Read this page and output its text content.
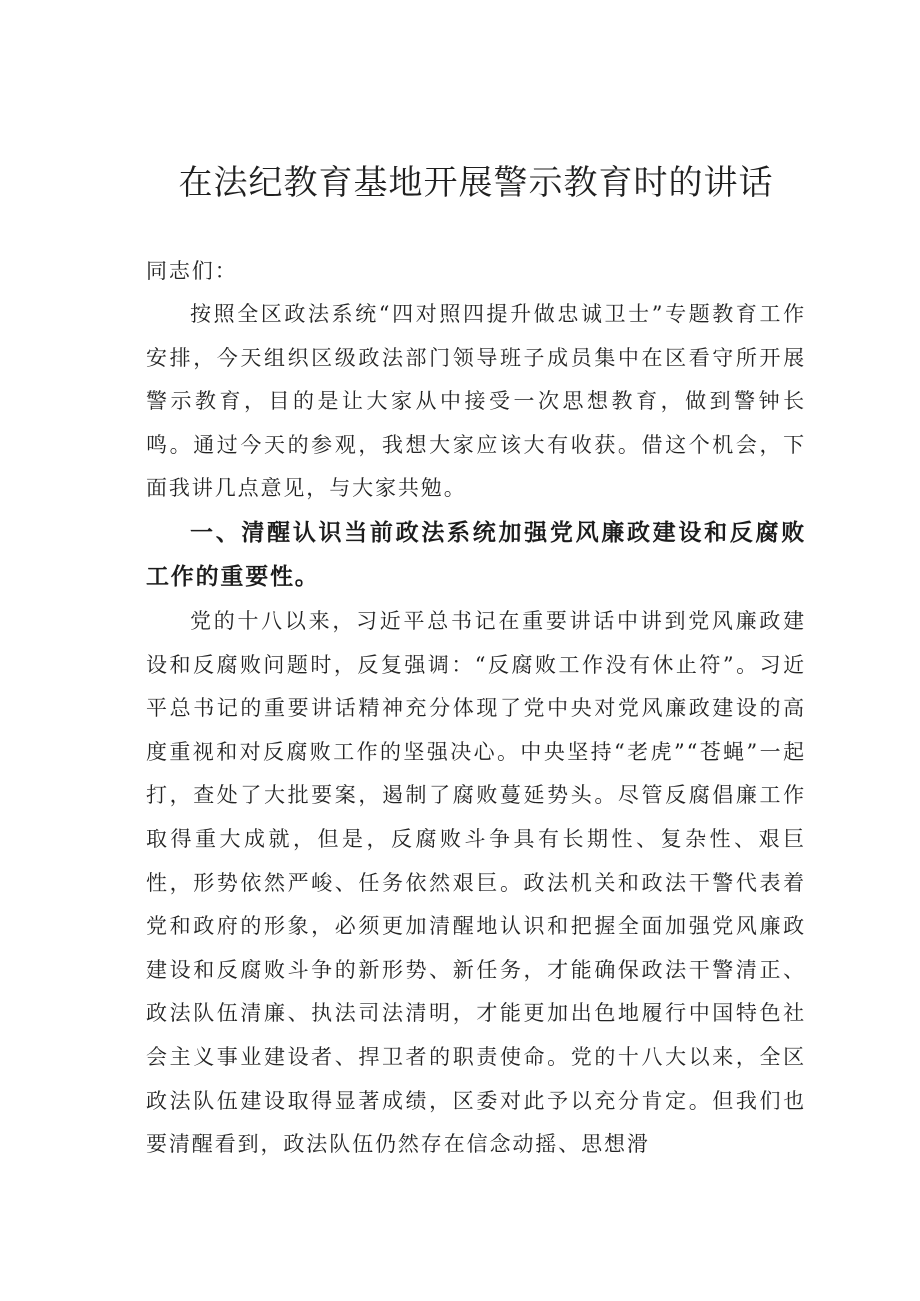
在法纪教育基地开展警示教育时的讲话

同志们：

按照全区政法系统“四对照四提升做忠诚卫士”专题教育工作安排，今天组织区级政法部门领导班子成员集中在区看守所开展警示教育，目的是让大家从中接受一次思想教育，做到警钟长鸣。通过今天的参观，我想大家应该大有收获。借这个机会，下面我讲几点意见，与大家共勉。

一、清醒认识当前政法系统加强党风廉政建设和反腐败工作的重要性。

党的十八以来，习近平总书记在重要讲话中讲到党风廉政建设和反腐败问题时，反复强调：“反腐败工作没有休止符”。习近平总书记的重要讲话精神充分体现了党中央对党风廉政建设的高度重视和对反腐败工作的坚强决心。中央坚持“老虎”“苍蝇”一起打，查处了大批要案，遏制了腐败蔓延势头。尽管反腐倡廉工作取得重大成就，但是，反腐败斗争具有长期性、复杂性、艰巨性，形势依然严峻、任务依然艰巨。政法机关和政法干警代表着党和政府的形象，必须更加清醒地认识和把握全面加强党风廉政建设和反腐败斗争的新形势、新任务，才能确保政法干警清正、政法队伍清廉、执法司法清明，才能更加出色地履行中国特色社会主义事业建设者、捍卫者的职责使命。党的十八大以来，全区政法队伍建设取得显著成绩，区委对此予以充分肯定。但我们也要清醒看到，政法队伍仍然存在信念动摇、思想滑
